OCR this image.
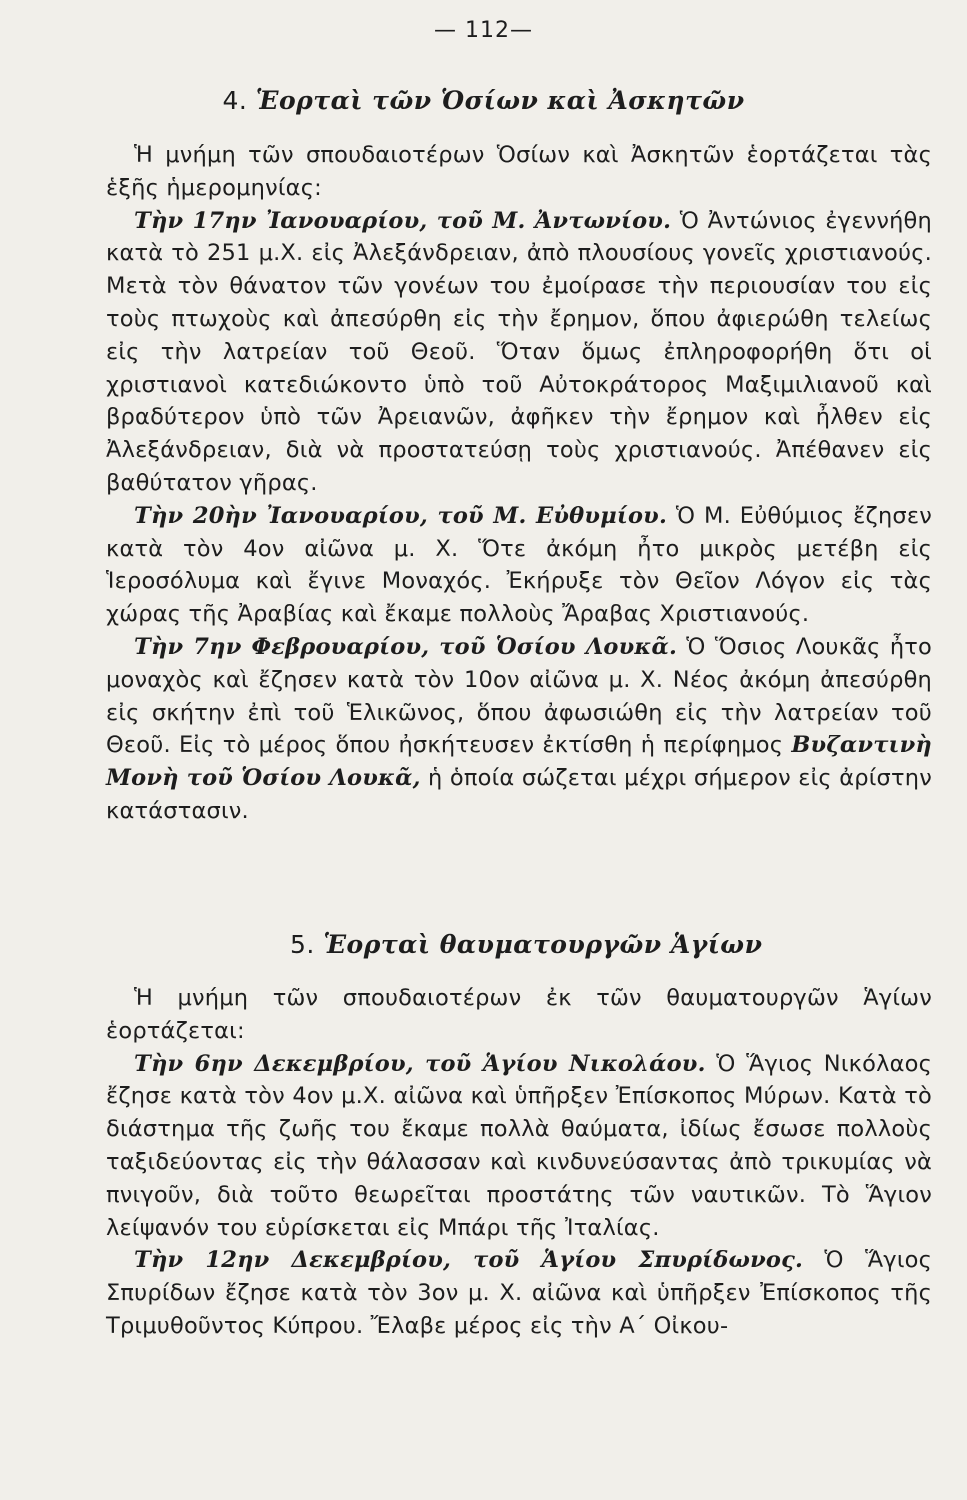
— 112—
4. Ἑορταὶ τῶν Ὁσίων καὶ Ἀσκητῶν

Ἡ μνήμη τῶν σπουδαιοτέρων Ὁσίων καὶ Ἀσκητῶν ἑορτάζεται τὰς ἑξῆς ἡμερομηνίας:

Τὴν 17ην Ἰανουαρίου, τοῦ Μ. Ἀντωνίου. Ὁ Ἀντώνιος ἐγεννήθη κατὰ τὸ 251 μ.Χ. εἰς Ἀλεξάνδρειαν, ἀπὸ πλουσίους γονεῖς χριστιανούς. Μετὰ τὸν θάνατον τῶν γονέων του ἐμοίρασε τὴν περιουσίαν του εἰς τοὺς πτωχοὺς καὶ ἀπεσύρθη εἰς τὴν ἔρημον, ὅπου ἀφιερώθη τελείως εἰς τὴν λατρείαν τοῦ Θεοῦ. Ὅταν ὅμως ἐπληροφορήθη ὅτι οἱ χριστιανοὶ κατεδιώκοντο ὑπὸ τοῦ Αὐτοκράτορος Μαξιμιλιανοῦ καὶ βραδύτερον ὑπὸ τῶν Ἀρειανῶν, ἀφῆκεν τὴν ἔρημον καὶ ἦλθεν εἰς Ἀλεξάνδρειαν, διὰ νὰ προστατεύσῃ τοὺς χριστιανούς. Ἀπέθανεν εἰς βαθύτατον γῆρας.

Τὴν 20ὴν Ἰανουαρίου, τοῦ Μ. Εὐθυμίου. Ὁ Μ. Εὐθύμιος ἔζησεν κατὰ τὸν 4ον αἰῶνα μ. Χ. Ὅτε ἀκόμη ἦτο μικρὸς μετέβη εἰς Ἱεροσόλυμα καὶ ἔγινε Μοναχός. Ἐκήρυξε τὸν Θεῖον Λόγον εἰς τὰς χώρας τῆς Ἀραβίας καὶ ἔκαμε πολλοὺς Ἄραβας Χριστιανούς.

Τὴν 7ην Φεβρουαρίου, τοῦ Ὁσίου Λουκᾶ. Ὁ Ὅσιος Λουκᾶς ἦτο μοναχὸς καὶ ἔζησεν κατὰ τὸν 10ον αἰῶνα μ. Χ. Νέος ἀκόμη ἀπεσύρθη εἰς σκήτην ἐπὶ τοῦ Ἑλικῶνος, ὅπου ἀφωσιώθη εἰς τὴν λατρείαν τοῦ Θεοῦ. Εἰς τὸ μέρος ὅπου ἠσκήτευσεν ἐκτίσθη ἡ περίφημος Βυζαντινὴ Μονὴ τοῦ Ὁσίου Λουκᾶ, ἡ ὁποία σώζεται μέχρι σήμερον εἰς ἀρίστην κατάστασιν.

5. Ἑορταὶ θαυματουργῶν Ἁγίων

Ἡ μνήμη τῶν σπουδαιοτέρων ἐκ τῶν θαυματουργῶν Ἁγίων ἑορτάζεται:

Τὴν 6ην Δεκεμβρίου, τοῦ Ἁγίου Νικολάου. Ὁ Ἅγιος Νικόλαος ἔζησε κατὰ τὸν 4ον μ.Χ. αἰῶνα καὶ ὑπῆρξεν Ἐπίσκοπος Μύρων. Κατὰ τὸ διάστημα τῆς ζωῆς του ἔκαμε πολλὰ θαύματα, ἰδίως ἔσωσε πολλοὺς ταξιδεύοντας εἰς τὴν θάλασσαν καὶ κινδυνεύσαντας ἀπὸ τρικυμίας νὰ πνιγοῦν, διὰ τοῦτο θεωρεῖται προστάτης τῶν ναυτικῶν. Τὸ Ἅγιον λείψανόν του εὑρίσκεται εἰς Μπάρι τῆς Ἰταλίας.

Τὴν 12ην Δεκεμβρίου, τοῦ Ἁγίου Σπυρίδωνος. Ὁ Ἅγιος Σπυρίδων ἔζησε κατὰ τὸν 3ον μ. Χ. αἰῶνα καὶ ὑπῆρξεν Ἐπίσκοπος τῆς Τριμυθοῦντος Κύπρου. Ἔλαβε μέρος εἰς τὴν Α΄ Οἰκου-
